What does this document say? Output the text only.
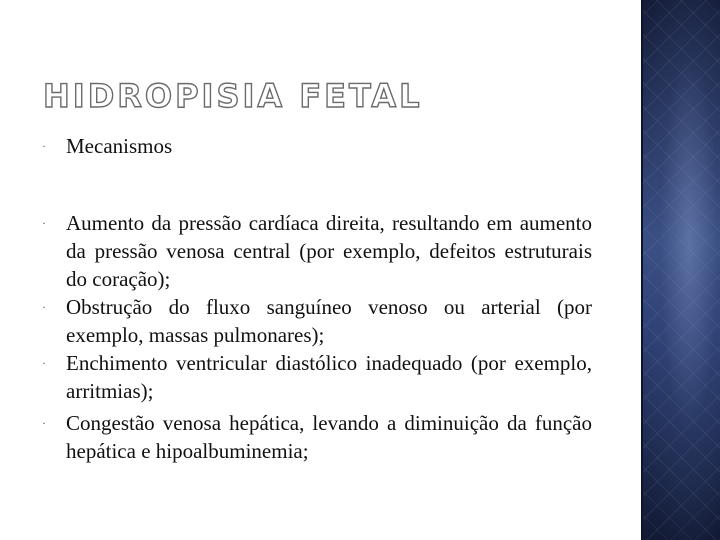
HIDROPISIA FETAL
· Mecanismos
· Aumento da pressão cardíaca direita, resultando em aumento da pressão venosa central (por exemplo, defeitos estruturais do coração);
· Obstrução do fluxo sanguíneo venoso ou arterial (por exemplo, massas pulmonares);
· Enchimento ventricular diastólico inadequado (por exemplo, arritmias);
· Congestão venosa hepática, levando a diminuição da função hepática e hipoalbuminemia;
